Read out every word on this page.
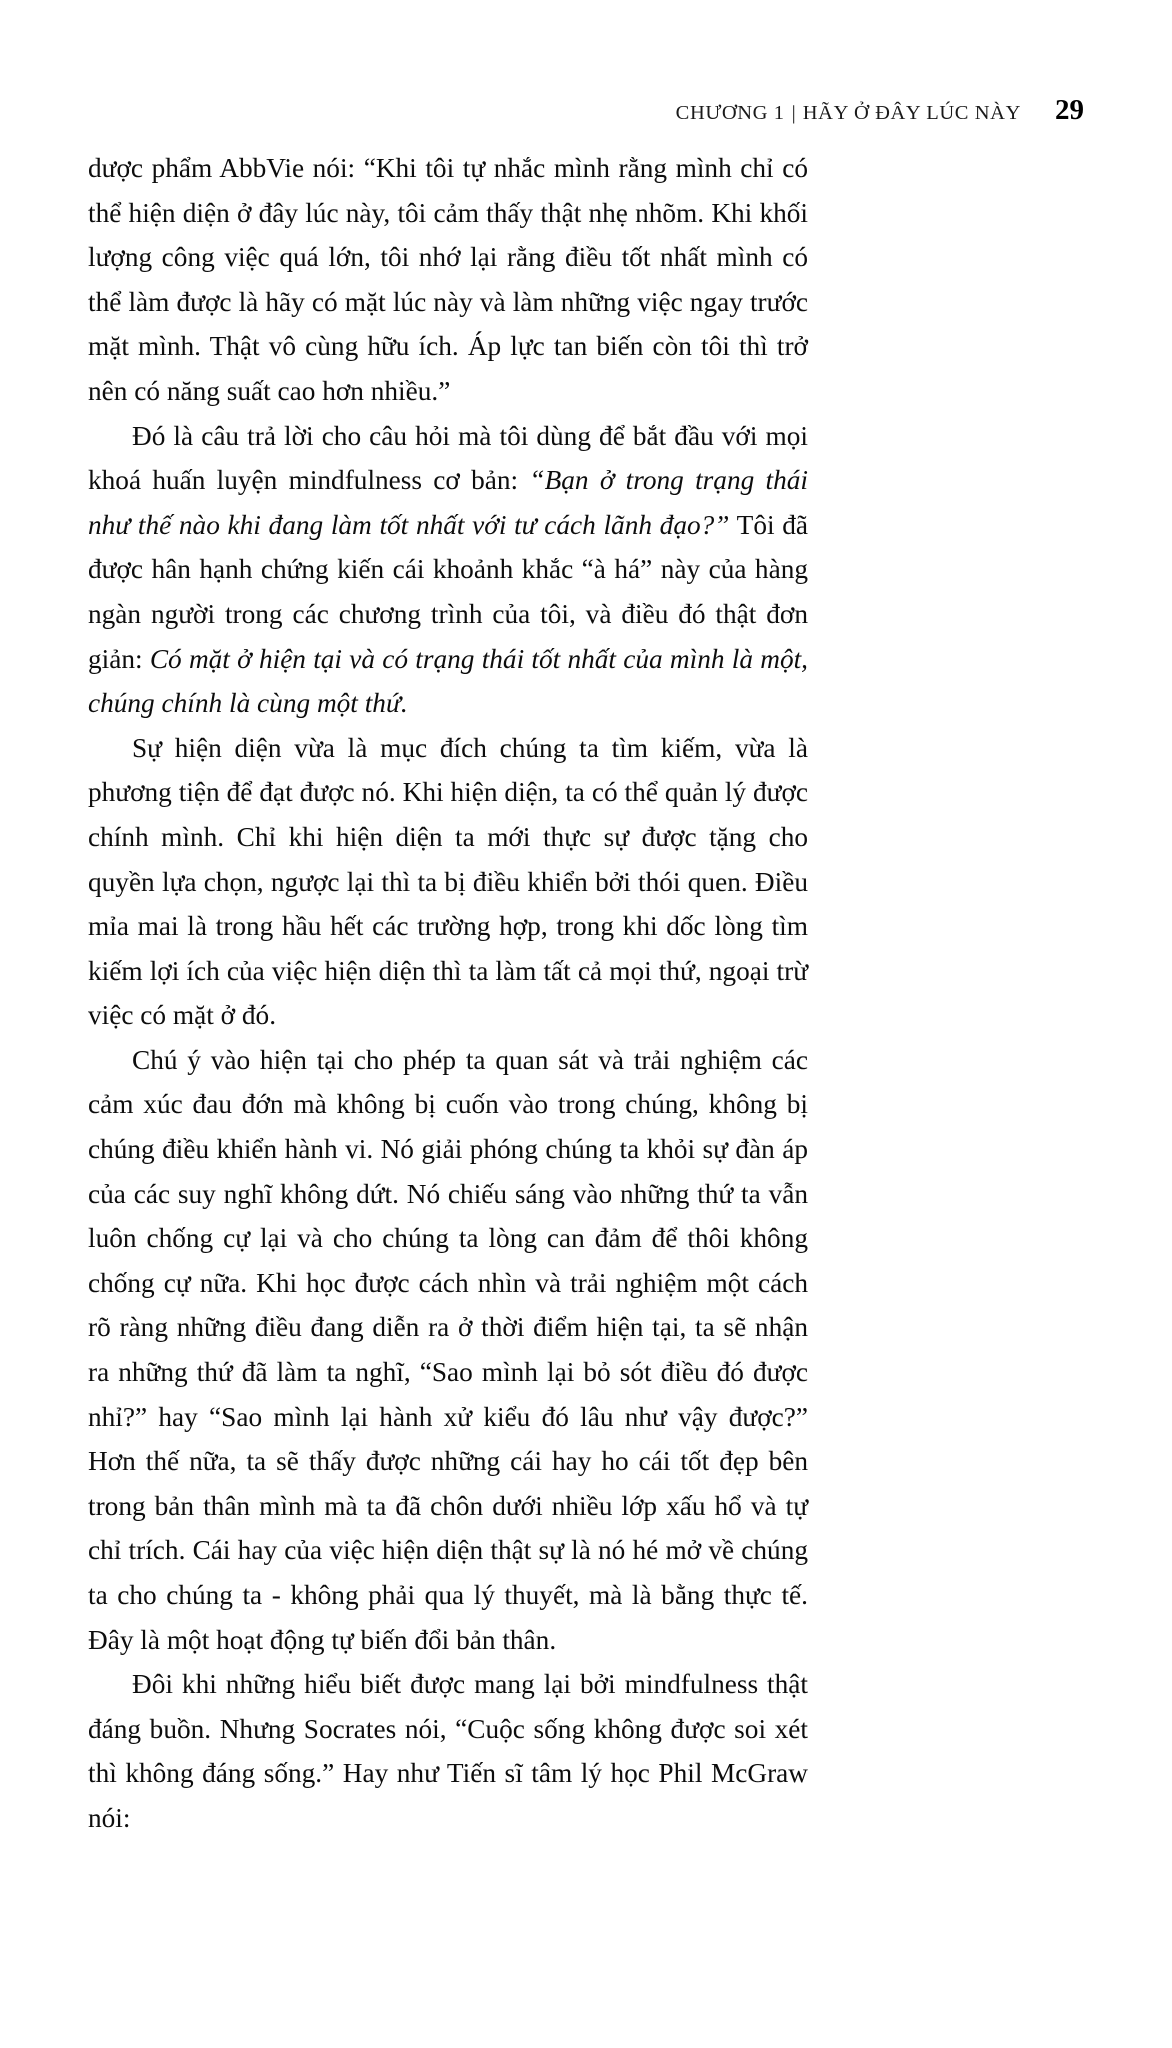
CHƯƠNG 1 | HÃY Ở ĐÂY LÚC NÀY 29

dược phẩm AbbVie nói: “Khi tôi tự nhắc mình rằng mình chỉ có thể hiện diện ở đây lúc này, tôi cảm thấy thật nhẹ nhõm. Khi khối lượng công việc quá lớn, tôi nhớ lại rằng điều tốt nhất mình có thể làm được là hãy có mặt lúc này và làm những việc ngay trước mặt mình. Thật vô cùng hữu ích. Áp lực tan biến còn tôi thì trở nên có năng suất cao hơn nhiều.”

Đó là câu trả lời cho câu hỏi mà tôi dùng để bắt đầu với mọi khoá huấn luyện mindfulness cơ bản: “Bạn ở trong trạng thái như thế nào khi đang làm tốt nhất với tư cách lãnh đạo?” Tôi đã được hân hạnh chứng kiến cái khoảnh khắc “à há” này của hàng ngàn người trong các chương trình của tôi, và điều đó thật đơn giản: Có mặt ở hiện tại và có trạng thái tốt nhất của mình là một, chúng chính là cùng một thứ.

Sự hiện diện vừa là mục đích chúng ta tìm kiếm, vừa là phương tiện để đạt được nó. Khi hiện diện, ta có thể quản lý được chính mình. Chỉ khi hiện diện ta mới thực sự được tặng cho quyền lựa chọn, ngược lại thì ta bị điều khiển bởi thói quen. Điều mỉa mai là trong hầu hết các trường hợp, trong khi dốc lòng tìm kiếm lợi ích của việc hiện diện thì ta làm tất cả mọi thứ, ngoại trừ việc có mặt ở đó.

Chú ý vào hiện tại cho phép ta quan sát và trải nghiệm các cảm xúc đau đớn mà không bị cuốn vào trong chúng, không bị chúng điều khiển hành vi. Nó giải phóng chúng ta khỏi sự đàn áp của các suy nghĩ không dứt. Nó chiếu sáng vào những thứ ta vẫn luôn chống cự lại và cho chúng ta lòng can đảm để thôi không chống cự nữa. Khi học được cách nhìn và trải nghiệm một cách rõ ràng những điều đang diễn ra ở thời điểm hiện tại, ta sẽ nhận ra những thứ đã làm ta nghĩ, “Sao mình lại bỏ sót điều đó được nhỉ?” hay “Sao mình lại hành xử kiểu đó lâu như vậy được?” Hơn thế nữa, ta sẽ thấy được những cái hay ho cái tốt đẹp bên trong bản thân mình mà ta đã chôn dưới nhiều lớp xấu hổ và tự chỉ trích. Cái hay của việc hiện diện thật sự là nó hé mở về chúng ta cho chúng ta - không phải qua lý thuyết, mà là bằng thực tế. Đây là một hoạt động tự biến đổi bản thân.

Đôi khi những hiểu biết được mang lại bởi mindfulness thật đáng buồn. Nhưng Socrates nói, “Cuộc sống không được soi xét thì không đáng sống.” Hay như Tiến sĩ tâm lý học Phil McGraw nói:
